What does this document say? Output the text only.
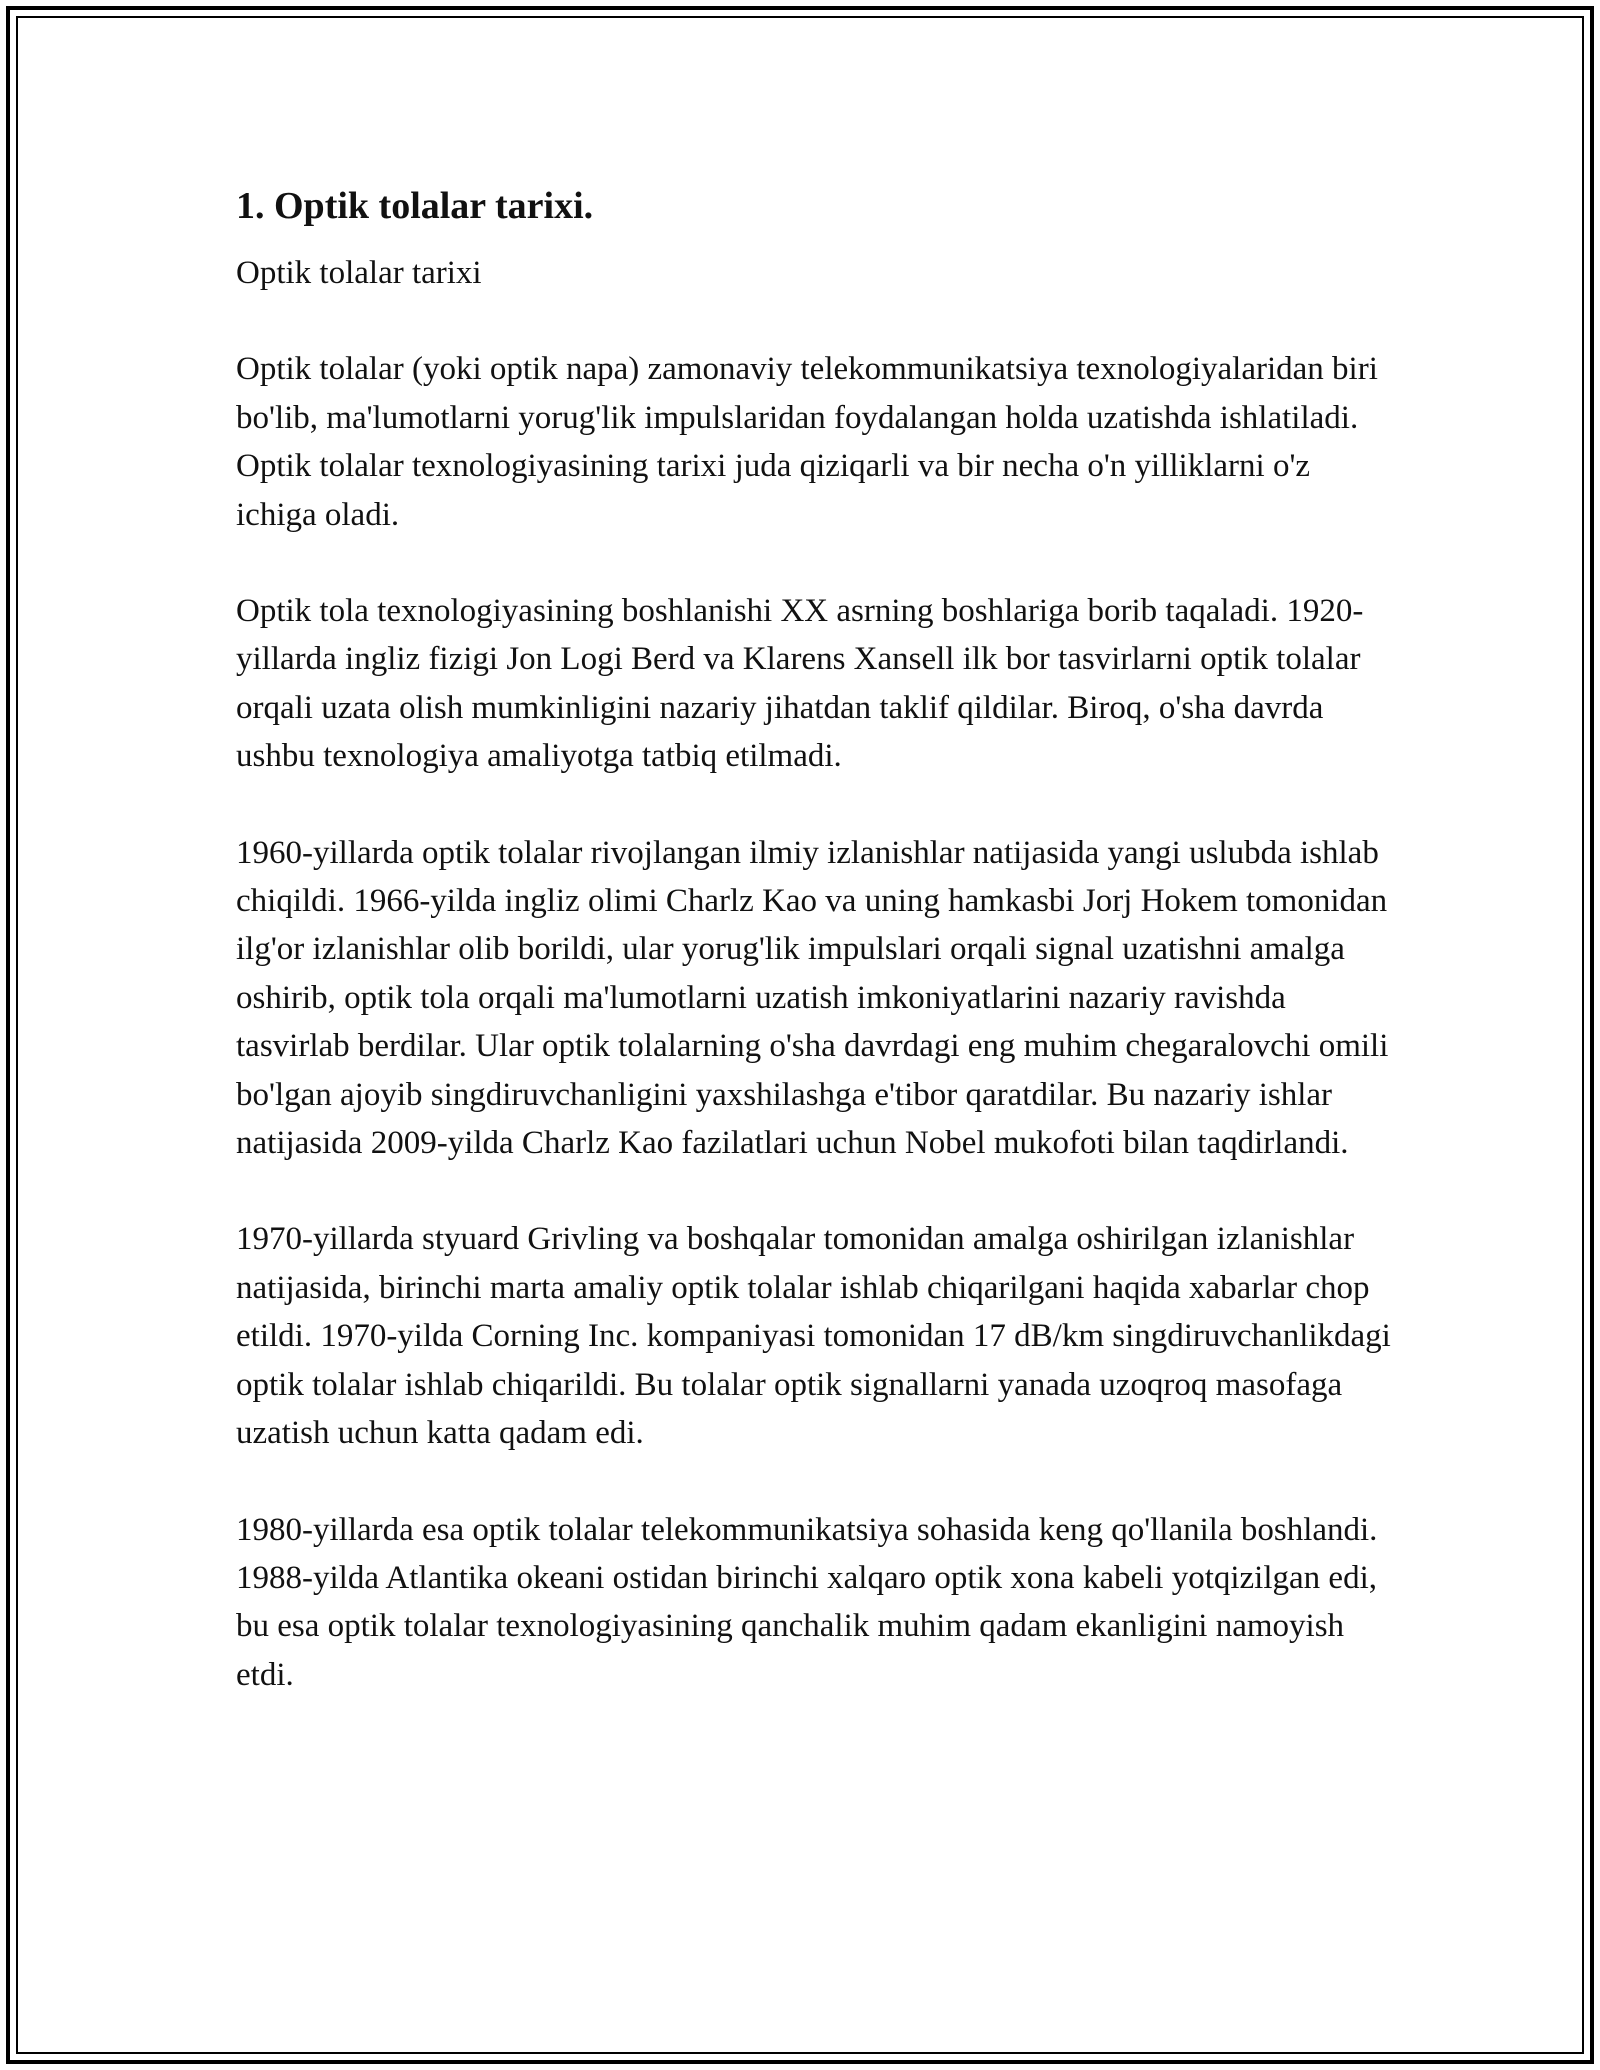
1. Optik tolalar tarixi.

Optik tolalar tarixi

Optik tolalar (yoki optik napa) zamonaviy telekommunikatsiya texnologiyalaridan biri bo'lib, ma'lumotlarni yorug'lik impulslaridan foydalangan holda uzatishda ishlatiladi. Optik tolalar texnologiyasining tarixi juda qiziqarli va bir necha o'n yilliklarni o'z ichiga oladi.

Optik tola texnologiyasining boshlanishi XX asrning boshlariga borib taqaladi. 1920-yillarda ingliz fizigi Jon Logi Berd va Klarens Xansell ilk bor tasvirlarni optik tolalar orqali uzata olish mumkinligini nazariy jihatdan taklif qildilar. Biroq, o'sha davrda ushbu texnologiya amaliyotga tatbiq etilmadi.

1960-yillarda optik tolalar rivojlangan ilmiy izlanishlar natijasida yangi uslubda ishlab chiqildi. 1966-yilda ingliz olimi Charlz Kao va uning hamkasbi Jorj Hokem tomonidan ilg'or izlanishlar olib borildi, ular yorug'lik impulslari orqali signal uzatishni amalga oshirib, optik tola orqali ma'lumotlarni uzatish imkoniyatlarini nazariy ravishda tasvirlab berdilar. Ular optik tolalarning o'sha davrdagi eng muhim chegaralovchi omili bo'lgan ajoyib singdiruvchanligini yaxshilashga e'tibor qaratdilar. Bu nazariy ishlar natijasida 2009-yilda Charlz Kao fazilatlari uchun Nobel mukofoti bilan taqdirlandi.

1970-yillarda styuard Grivling va boshqalar tomonidan amalga oshirilgan izlanishlar natijasida, birinchi marta amaliy optik tolalar ishlab chiqarilgani haqida xabarlar chop etildi. 1970-yilda Corning Inc. kompaniyasi tomonidan 17 dB/km singdiruvchanlikdagi optik tolalar ishlab chiqarildi. Bu tolalar optik signallarni yanada uzoqroq masofaga uzatish uchun katta qadam edi.

1980-yillarda esa optik tolalar telekommunikatsiya sohasida keng qo'llanila boshlandi. 1988-yilda Atlantika okeani ostidan birinchi xalqaro optik xona kabeli yotqizilgan edi, bu esa optik tolalar texnologiyasining qanchalik muhim qadam ekanligini namoyish etdi.
